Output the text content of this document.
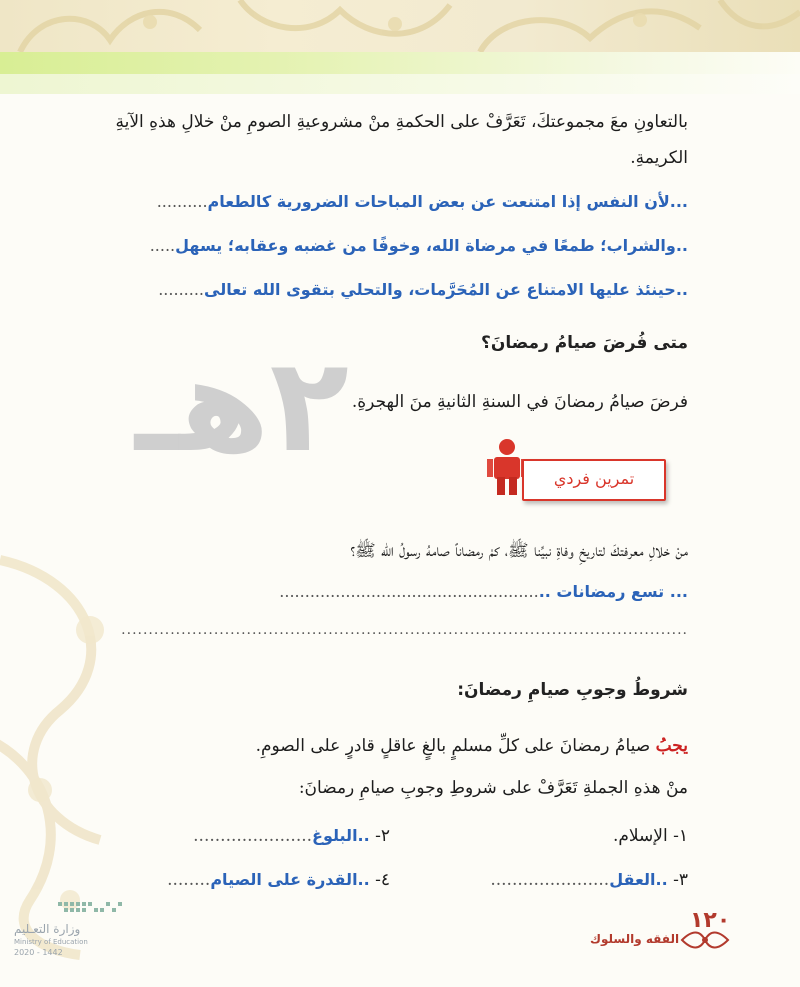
٢هـ
بالتعاونِ معَ مجموعتكَ، تَعَرَّفْ على الحكمةِ منْ مشروعيةِ الصومِ منْ خلالِ هذهِ الآيةِ
الكريمةِ.
...لأن النفس إذا امتنعت عن بعض المباحات الضرورية كالطعام..........
..والشراب؛ طمعًا في مرضاة الله، وخوفًا من غضبه وعقابه؛ يسهل.....
..حينئذ عليها الامتناع عن المُحَرَّمات، والتحلي بتقوى الله تعالى.........
متى فُرضَ صيامُ رمضانَ؟
فرضَ صيامُ رمضانَ في السنةِ الثانيةِ منَ الهجرةِ.
تمرين فردي
منْ خلالِ معرفتكَ لتاريخِ وفاةِ نبيِّنا ﷺ، كمْ رمضاناً صامهُ رسولُ الله ﷺ؟
... تسع رمضانات .....................................................
........................................................................................................
شروطُ وجوبِ صيامِ رمضانَ:
يجبُ صيامُ رمضانَ على كلِّ مسلمٍ بالغٍ عاقلٍ قادرٍ على الصومِ.
منْ هذهِ الجملةِ تَعَرَّفْ على شروطِ وجوبِ صيامِ رمضانَ:
١- الإسلام.
٢- ..البلوغ......................
٣- ..العقل......................
٤- ..القدرة على الصيام........
وزارة التعـليم
Ministry of Education
2020 - 1442
١٢٠
الفقه والسلوك
